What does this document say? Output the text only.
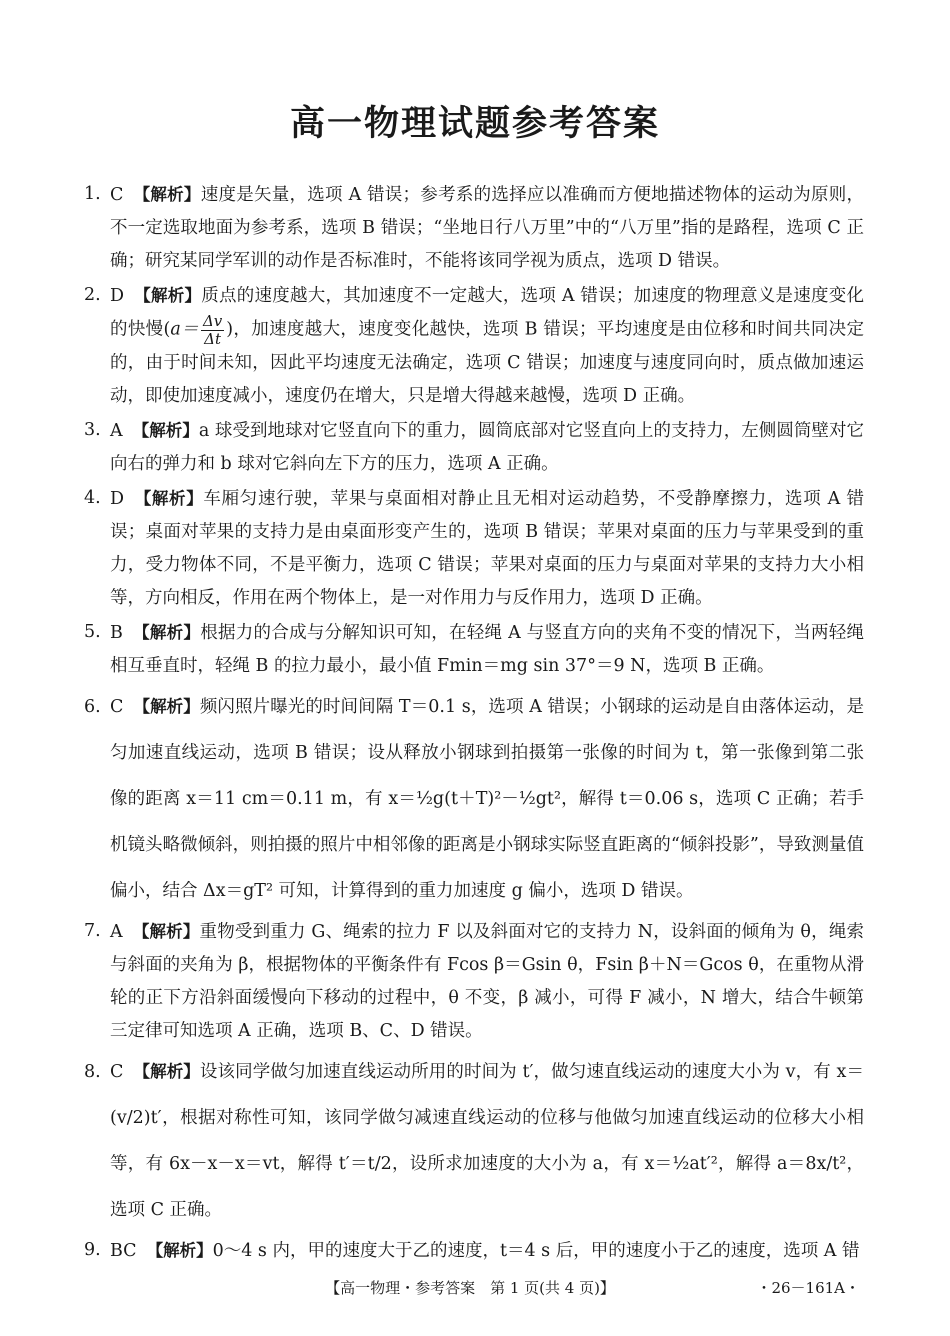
高一物理试题参考答案
1. C 【解析】速度是矢量，选项 A 错误；参考系的选择应以准确而方便地描述物体的运动为原则，不一定选取地面为参考系，选项 B 错误；“坐地日行八万里”中的“八万里”指的是路程，选项 C 正确；研究某同学军训的动作是否标准时，不能将该同学视为质点，选项 D 错误。
2. D 【解析】质点的速度越大，其加速度不一定越大，选项 A 错误；加速度的物理意义是速度变化的快慢($a= \frac{\Delta v}{\Delta t}$ )，加速度越大，速度变化越快，选项 B 错误；平均速度是由位移和时间共同决定的，由于时间未知，因此平均速度无法确定，选项 C 错误；加速度与速度同向时，质点做加速运动，即使加速度减小，速度仍在增大，只是增大得越来越慢，选项 D 正确。
3. A 【解析】a 球受到地球对它竖直向下的重力，圆筒底部对它竖直向上的支持力，左侧圆筒壁对它向右的弹力和 b 球对它斜向左下方的压力，选项 A 正确。
4. D 【解析】车厢匀速行驶，苹果与桌面相对静止且无相对运动趋势，不受静摩擦力，选项 A 错误；桌面对苹果的支持力是由桌面形变产生的，选项 B 错误；苹果对桌面的压力与苹果受到的重力，受力物体不同，不是平衡力，选项 C 错误；苹果对桌面的压力与桌面对苹果的支持力大小相等，方向相反，作用在两个物体上，是一对作用力与反作用力，选项 D 正确。
5. B 【解析】根据力的合成与分解知识可知，在轻绳 A 与竖直方向的夹角不变的情况下，当两轻绳相互垂直时，轻绳 B 的拉力最小，最小值 Fmin＝mg sin 37°＝9 N，选项 B 正确。
6. C 【解析】频闪照片曝光的时间间隔 T＝0.1 s，选项 A 错误；小钢球的运动是自由落体运动，是匀加速直线运动，选项 B 错误；设从释放小钢球到拍摄第一张像的时间为 t，第一张像到第二张像的距离 x＝11 cm＝0.11 m，有 x＝½g(t＋T)²－½gt²，解得 t＝0.06 s，选项 C 正确；若手机镜头略微倾斜，则拍摄的照片中相邻像的距离是小钢球实际竖直距离的“倾斜投影”，导致测量值偏小，结合 Δx＝gT² 可知，计算得到的重力加速度 g 偏小，选项 D 错误。
7. A 【解析】重物受到重力 G、绳索的拉力 F 以及斜面对它的支持力 N，设斜面的倾角为 θ，绳索与斜面的夹角为 β，根据物体的平衡条件有 Fcos β＝Gsin θ，Fsin β＋N＝Gcos θ，在重物从滑轮的正下方沿斜面缓慢向下移动的过程中，θ 不变，β 减小，可得 F 减小，N 增大，结合牛顿第三定律可知选项 A 正确，选项 B、C、D 错误。
8. C 【解析】设该同学做匀加速直线运动所用的时间为 t′，做匀速直线运动的速度大小为 v，有 x＝(v/2)t′，根据对称性可知，该同学做匀减速直线运动的位移与他做匀加速直线运动的位移大小相等，有 6x－x－x＝vt，解得 t′＝t/2，设所求加速度的大小为 a，有 x＝½at′²，解得 a＝8x/t²，选项 C 正确。
9. BC 【解析】0～4 s 内，甲的速度大于乙的速度，t＝4 s 后，甲的速度小于乙的速度，选项 A 错
【高一物理・参考答案　第 1 页(共 4 页)】	・26－161A・
